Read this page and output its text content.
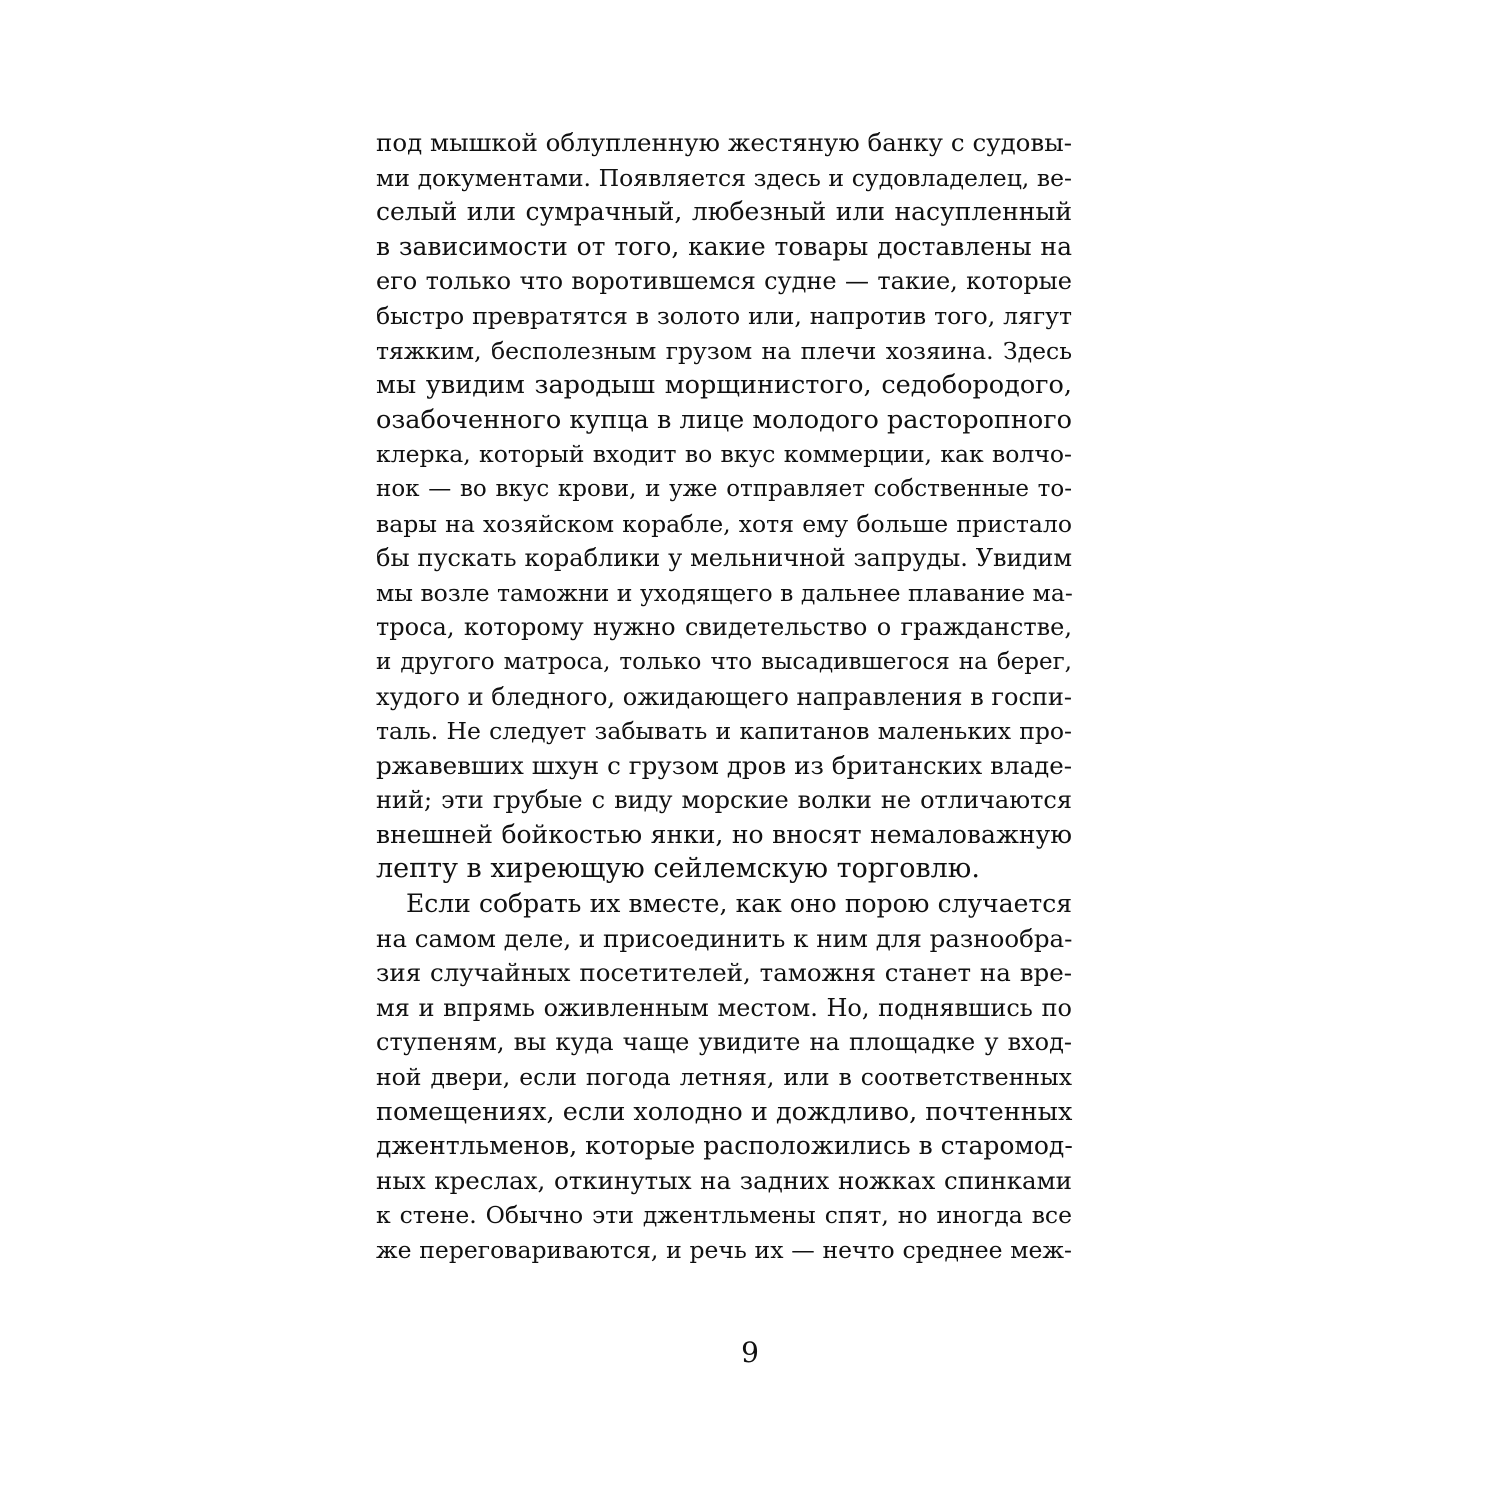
под мышкой облупленную жестяную банку с судовы-
ми документами. Появляется здесь и судовладелец, ве-
селый или сумрачный, любезный или насупленный
в зависимости от того, какие товары доставлены на
его только что воротившемся судне — такие, которые
быстро превратятся в золото или, напротив того, лягут
тяжким, бесполезным грузом на плечи хозяина. Здесь
мы увидим зародыш морщинистого, седобородого,
озабоченного купца в лице молодого расторопного
клерка, который входит во вкус коммерции, как волчо-
нок — во вкус крови, и уже отправляет собственные то-
вары на хозяйском корабле, хотя ему больше пристало
бы пускать кораблики у мельничной запруды. Увидим
мы возле таможни и уходящего в дальнее плавание ма-
троса, которому нужно свидетельство о гражданстве,
и другого матроса, только что высадившегося на берег,
худого и бледного, ожидающего направления в госпи-
таль. Не следует забывать и капитанов маленьких про-
ржавевших шхун с грузом дров из британских владе-
ний; эти грубые с виду морские волки не отличаются
внешней бойкостью янки, но вносят немаловажную
лепту в хиреющую сейлемскую торговлю.
Если собрать их вместе, как оно порою случается
на самом деле, и присоединить к ним для разнообра-
зия случайных посетителей, таможня станет на вре-
мя и впрямь оживленным местом. Но, поднявшись по
ступеням, вы куда чаще увидите на площадке у вход-
ной двери, если погода летняя, или в соответственных
помещениях, если холодно и дождливо, почтенных
джентльменов, которые расположились в старомод-
ных креслах, откинутых на задних ножках спинками
к стене. Обычно эти джентльмены спят, но иногда все
же переговариваются, и речь их — нечто среднее меж-
9
